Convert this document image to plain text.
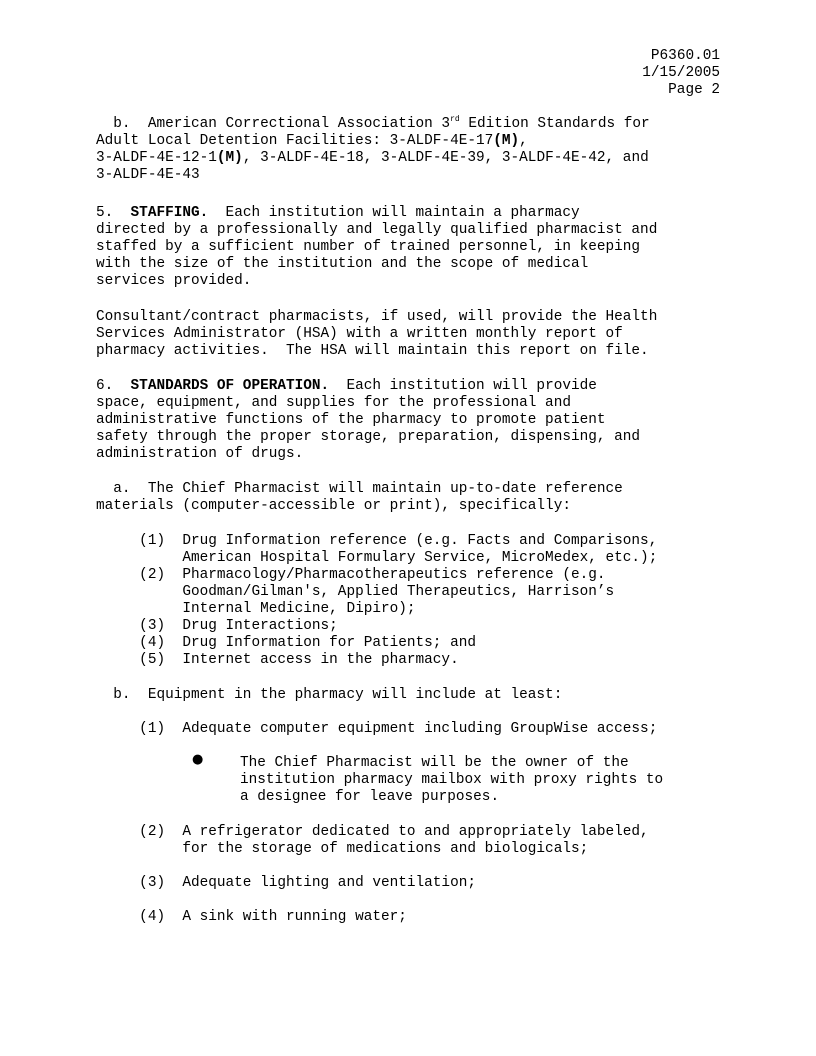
P6360.01
1/15/2005
Page 2
b.  American Correctional Association 3rd Edition Standards for
Adult Local Detention Facilities: 3-ALDF-4E-17(M),
3-ALDF-4E-12-1(M), 3-ALDF-4E-18, 3-ALDF-4E-39, 3-ALDF-4E-42, and
3-ALDF-4E-43
5.  STAFFING.  Each institution will maintain a pharmacy
directed by a professionally and legally qualified pharmacist and
staffed by a sufficient number of trained personnel, in keeping
with the size of the institution and the scope of medical
services provided.
Consultant/contract pharmacists, if used, will provide the Health
Services Administrator (HSA) with a written monthly report of
pharmacy activities.  The HSA will maintain this report on file.
6.  STANDARDS OF OPERATION.  Each institution will provide
space, equipment, and supplies for the professional and
administrative functions of the pharmacy to promote patient
safety through the proper storage, preparation, dispensing, and
administration of drugs.
a.  The Chief Pharmacist will maintain up-to-date reference
materials (computer-accessible or print), specifically:
(1)  Drug Information reference (e.g. Facts and Comparisons,
American Hospital Formulary Service, MicroMedex, etc.);
(2)  Pharmacology/Pharmacotherapeutics reference (e.g.
Goodman/Gilman's, Applied Therapeutics, Harrison’s
Internal Medicine, Dipiro);
(3)  Drug Interactions;
(4)  Drug Information for Patients; and
(5)  Internet access in the pharmacy.
b.  Equipment in the pharmacy will include at least:
(1)  Adequate computer equipment including GroupWise access;
●	The Chief Pharmacist will be the owner of the
institution pharmacy mailbox with proxy rights to
a designee for leave purposes.
(2)  A refrigerator dedicated to and appropriately labeled,
for the storage of medications and biologicals;
(3)  Adequate lighting and ventilation;
(4)  A sink with running water;
